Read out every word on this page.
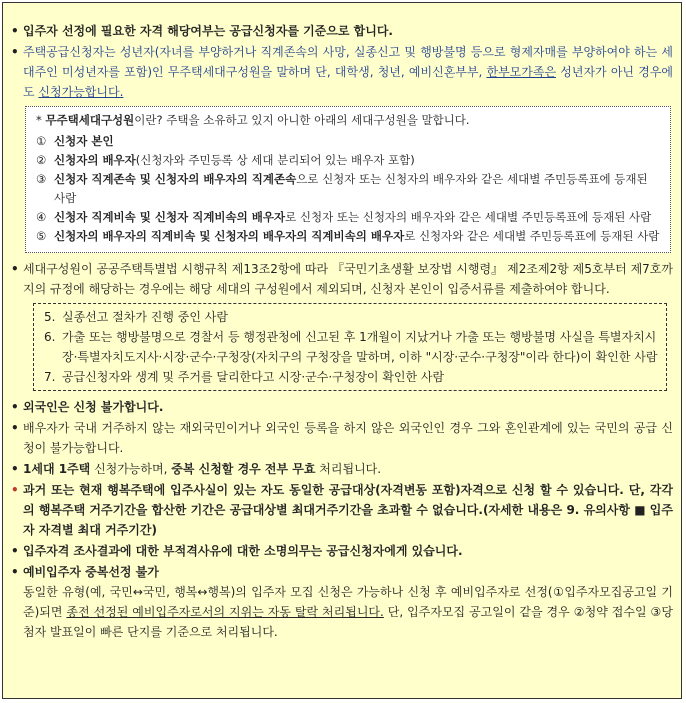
• 입주자 선정에 필요한 자격 해당여부는 공급신청자를 기준으로 합니다.
• 주택공급신청자는 성년자(자녀를 부양하거나 직계존속의 사망, 실종신고 및 행방불명 등으로 형제자매를 부양하여야 하는 세대주인 미성년자를 포함)인 무주택세대구성원을 말하며 단, 대학생, 청년, 예비신혼부부, 한부모가족은 성년자가 아닌 경우에도 신청가능합니다.
* 무주택세대구성원이란? 주택을 소유하고 있지 아니한 아래의 세대구성원을 말합니다.
① 신청자 본인
② 신청자의 배우자(신청자와 주민등록 상 세대 분리되어 있는 배우자 포함)
③ 신청자 직계존속 및 신청자의 배우자의 직계존속으로 신청자 또는 신청자의 배우자와 같은 세대별 주민등록표에 등재된 사람
④ 신청자 직계비속 및 신청자 직계비속의 배우자로 신청자 또는 신청자의 배우자와 같은 세대별 주민등록표에 등재된 사람
⑤ 신청자의 배우자의 직계비속 및 신청자의 배우자의 직계비속의 배우자로 신청자와 같은 세대별 주민등록표에 등재된 사람
• 세대구성원이 공공주택특별법 시행규칙 제13조2항에 따라 『국민기초생활 보장법 시행령』 제2조제2항 제5호부터 제7호까지의 규정에 해당하는 경우에는 해당 세대의 구성원에서 제외되며, 신청자 본인이 입증서류를 제출하여야 합니다.
5. 실종선고 절차가 진행 중인 사람
6. 가출 또는 행방불명으로 경찰서 등 행정관청에 신고된 후 1개월이 지났거나 가출 또는 행방불명 사실을 특별자치시장·특별자치도지사·시장·군수·구청장(자치구의 구청장을 말하며, 이하 "시장·군수·구청장"이라 한다)이 확인한 사람
7. 공급신청자와 생계 및 주거를 달리한다고 시장·군수·구청장이 확인한 사람
• 외국인은 신청 불가합니다.
• 배우자가 국내 거주하지 않는 재외국민이거나 외국인 등록을 하지 않은 외국인인 경우 그와 혼인관계에 있는 국민의 공급 신청이 불가능합니다.
• 1세대 1주택 신청가능하며, 중복 신청할 경우 전부 무효 처리됩니다.
• 과거 또는 현재 행복주택에 입주사실이 있는 자도 동일한 공급대상(자격변동 포함)자격으로 신청 할 수 있습니다. 단, 각각의 행복주택 거주기간을 합산한 기간은 공급대상별 최대거주기간을 초과할 수 없습니다.(자세한 내용은 9. 유의사항 ■ 입주자 자격별 최대 거주기간)
• 입주자격 조사결과에 대한 부적격사유에 대한 소명의무는 공급신청자에게 있습니다.
• 예비입주자 중복선정 불가
동일한 유형(예, 국민↔국민, 행복↔행복)의 입주자 모집 신청은 가능하나 신청 후 예비입주자로 선정(①입주자모집공고일 기준)되면 종전 선정된 예비입주자로서의 지위는 자동 탈락 처리됩니다. 단, 입주자모집 공고일이 같을 경우 ②청약 접수일 ③당첨자 발표일이 빠른 단지를 기준으로 처리됩니다.
